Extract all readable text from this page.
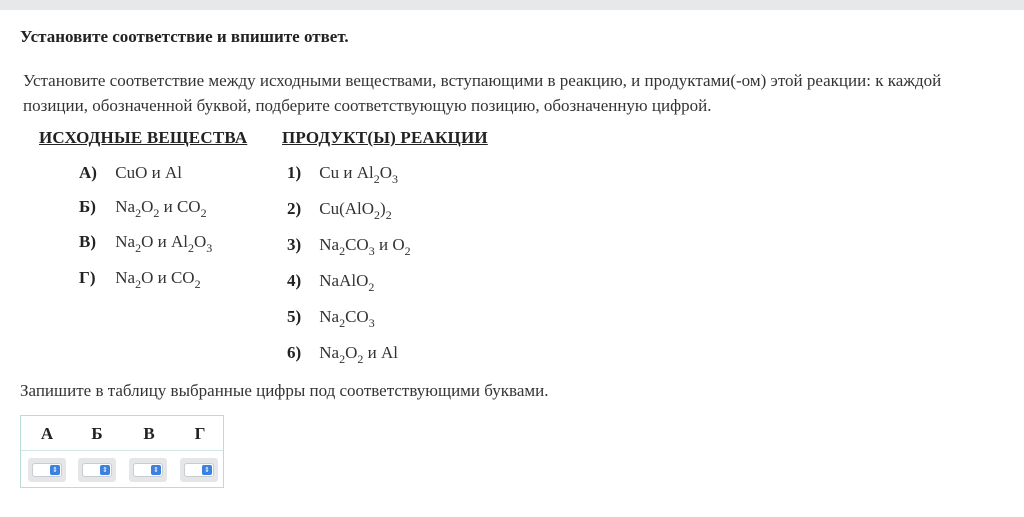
Установите соответствие и впишите ответ.
Установите соответствие между исходными веществами, вступающими в реакцию, и продуктами(-ом) этой реакции: к каждой позиции, обозначенной буквой, подберите соответствующую позицию, обозначенную цифрой.
ИСХОДНЫЕ ВЕЩЕСТВА ПРОДУКТ(Ы) РЕАКЦИИ
А) CuO и Al
Б) $Na_2O_2$ и $CO_2$
В) $Na_2O$ и $Al_2O_3$
Г) $Na_2O$ и $CO_2$
1) Cu и $Al_2O_3$
2) $Cu(AlO_2)_2$
3) $Na_2CO_3$ и $O_2$
4) NaAlO$_2$
5) $Na_2CO_3$
6) $Na_2O_2$ и Al
Запишите в таблицу выбранные цифры под соответствующими буквами.
А	Б	В	Г
⇕	⇕	⇕	⇕
